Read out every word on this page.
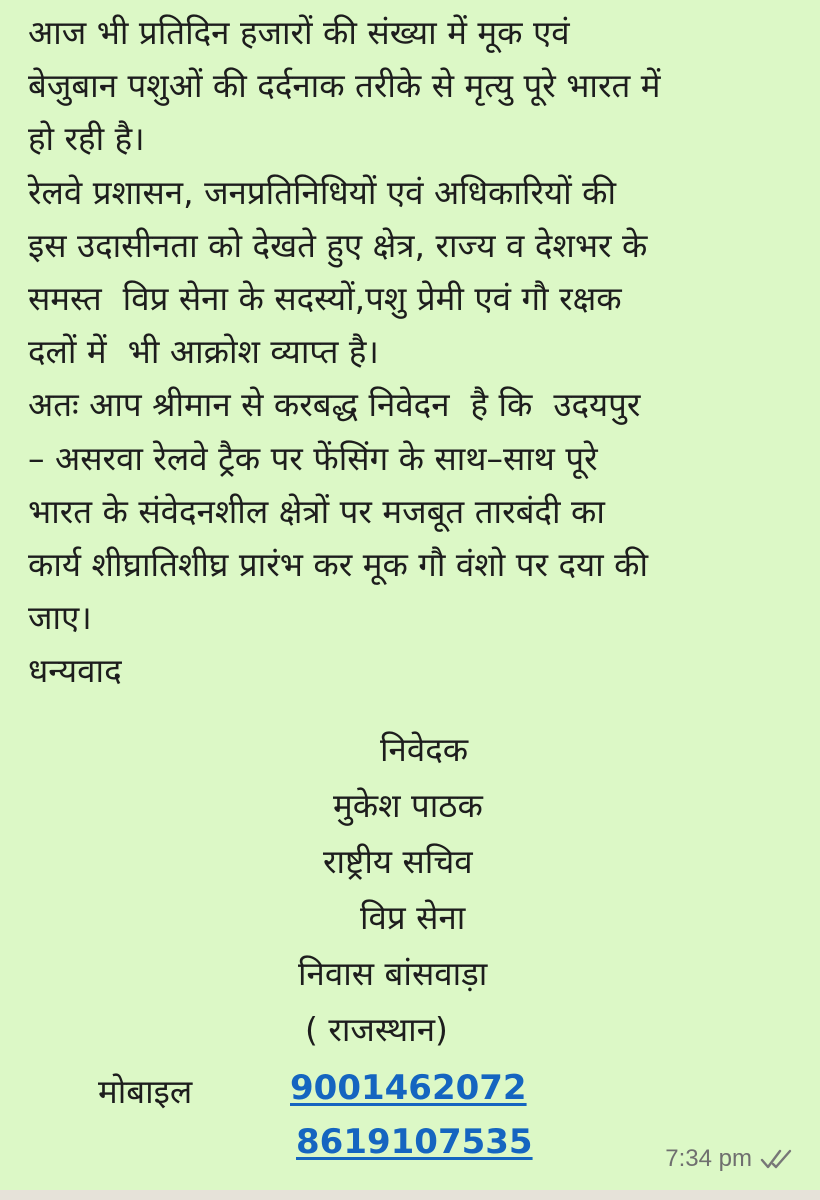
आज भी प्रतिदिन हजारों की संख्या में मूक एवं
बेजुबान पशुओं की दर्दनाक तरीके से मृत्यु पूरे भारत में
हो रही है।

रेलवे प्रशासन, जनप्रतिनिधियों एवं अधिकारियों की
इस उदासीनता को देखते हुए क्षेत्र, राज्य व देशभर के
समस्त  विप्र सेना के सदस्यों,पशु प्रेमी एवं गौ रक्षक
दलों में  भी आक्रोश व्याप्त है।

अतः आप श्रीमान से करबद्ध निवेदन  है कि  उदयपुर
– असरवा रेलवे ट्रैक पर फेंसिंग के साथ–साथ पूरे
भारत के संवेदनशील क्षेत्रों पर मजबूत तारबंदी का
कार्य शीघ्रातिशीघ्र प्रारंभ कर मूक गौ वंशो पर दया की
जाए।

धन्यवाद

निवेदक
मुकेश पाठक
राष्ट्रीय सचिव
विप्र सेना
निवास बांसवाड़ा
( राजस्थान)
मोबाइल	9001462072
8619107535	7:34 pm
